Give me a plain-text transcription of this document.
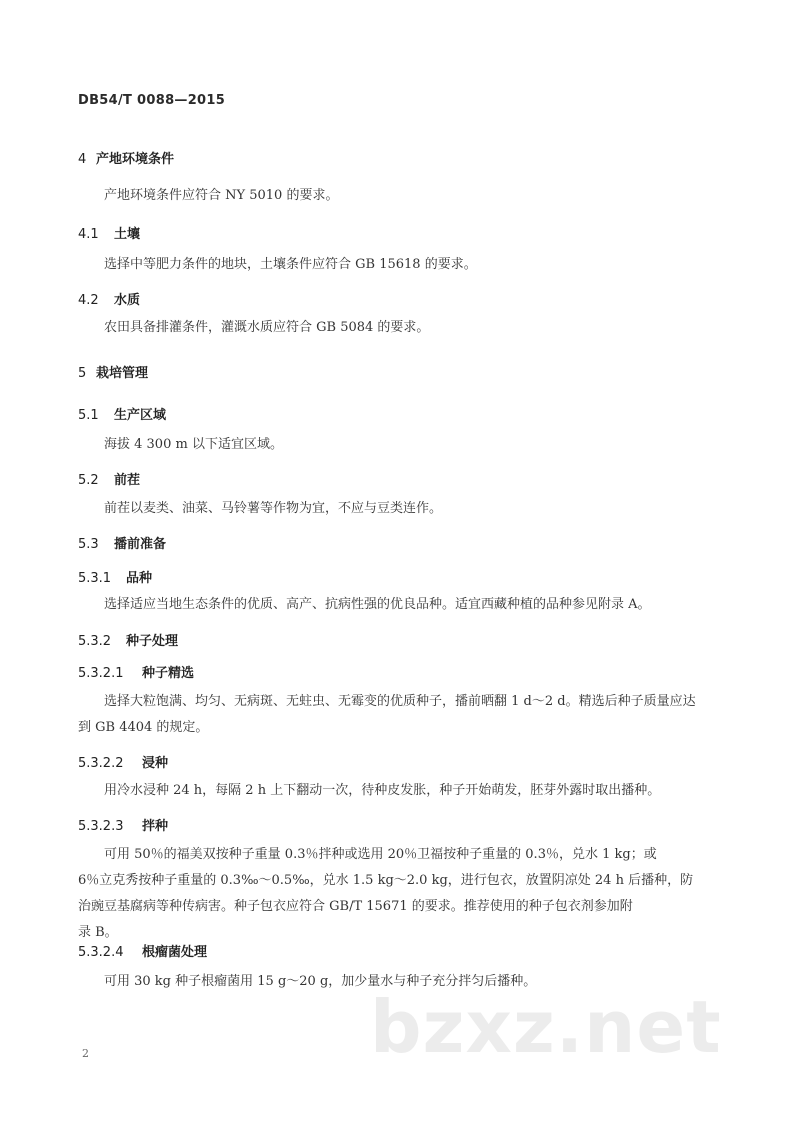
DB54/T 0088—2015
4 产地环境条件
产地环境条件应符合 NY 5010 的要求。
4.1 土壤
选择中等肥力条件的地块，土壤条件应符合 GB 15618 的要求。
4.2 水质
农田具备排灌条件，灌溉水质应符合 GB 5084 的要求。
5 栽培管理
5.1 生产区域
海拔 4 300 m 以下适宜区域。
5.2 前茬
前茬以麦类、油菜、马铃薯等作物为宜，不应与豆类连作。
5.3 播前准备
5.3.1 品种
选择适应当地生态条件的优质、高产、抗病性强的优良品种。适宜西藏种植的品种参见附录 A。
5.3.2 种子处理
5.3.2.1 种子精选
选择大粒饱满、均匀、无病斑、无蛀虫、无霉变的优质种子，播前晒翻 1 d～2 d。精选后种子质量应达
到 GB 4404 的规定。
5.3.2.2 浸种
用冷水浸种 24 h，每隔 2 h 上下翻动一次，待种皮发胀，种子开始萌发，胚芽外露时取出播种。
5.3.2.3 拌种
可用 50％的福美双按种子重量 0.3％拌种或选用 20％卫福按种子重量的 0.3％，兑水 1 kg；或
6％立克秀按种子重量的 0.3‰～0.5‰，兑水 1.5 kg～2.0 kg，进行包衣，放置阴凉处 24 h 后播种，防
治豌豆基腐病等种传病害。种子包衣应符合 GB/T 15671 的要求。推荐使用的种子包衣剂参加附
录 B。
5.3.2.4 根瘤菌处理
可用 30 kg 种子根瘤菌用 15 g～20 g，加少量水与种子充分拌匀后播种。
bzxz.net
2
